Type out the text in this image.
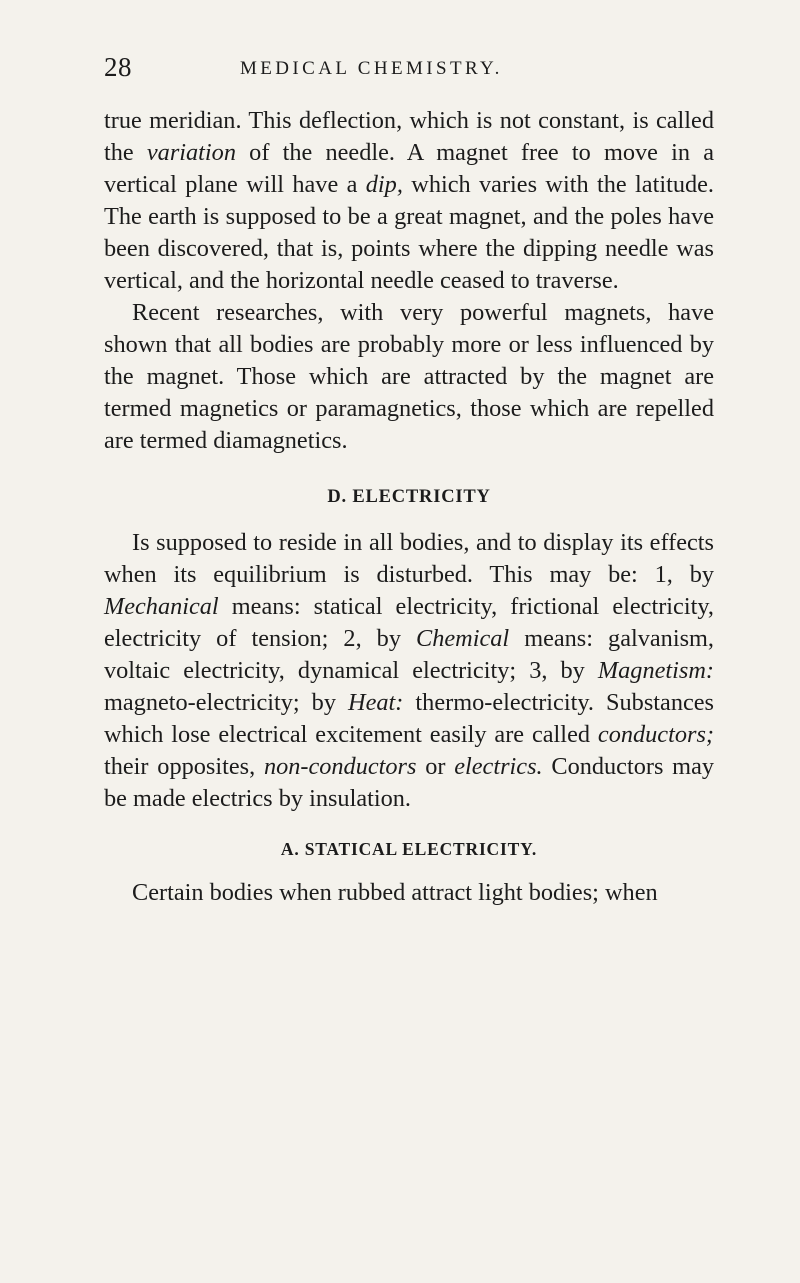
28	MEDICAL CHEMISTRY.

true meridian. This deflection, which is not constant, is called the variation of the needle. A magnet free to move in a vertical plane will have a dip, which varies with the latitude. The earth is supposed to be a great magnet, and the poles have been discovered, that is, points where the dipping needle was vertical, and the horizontal needle ceased to traverse.

Recent researches, with very powerful magnets, have shown that all bodies are probably more or less influenced by the magnet. Those which are attracted by the magnet are termed magnetics or paramagnetics, those which are repelled are termed diamagnetics.

D. ELECTRICITY

Is supposed to reside in all bodies, and to display its effects when its equilibrium is disturbed. This may be: 1, by Mechanical means: statical electricity, frictional electricity, electricity of tension; 2, by Chemical means: galvanism, voltaic electricity, dynamical electricity; 3, by Magnetism: magneto-electricity; by Heat: thermo-electricity. Substances which lose electrical excitement easily are called conductors; their opposites, non-conductors or electrics. Conductors may be made electrics by insulation.

A. STATICAL ELECTRICITY.

Certain bodies when rubbed attract light bodies; when
